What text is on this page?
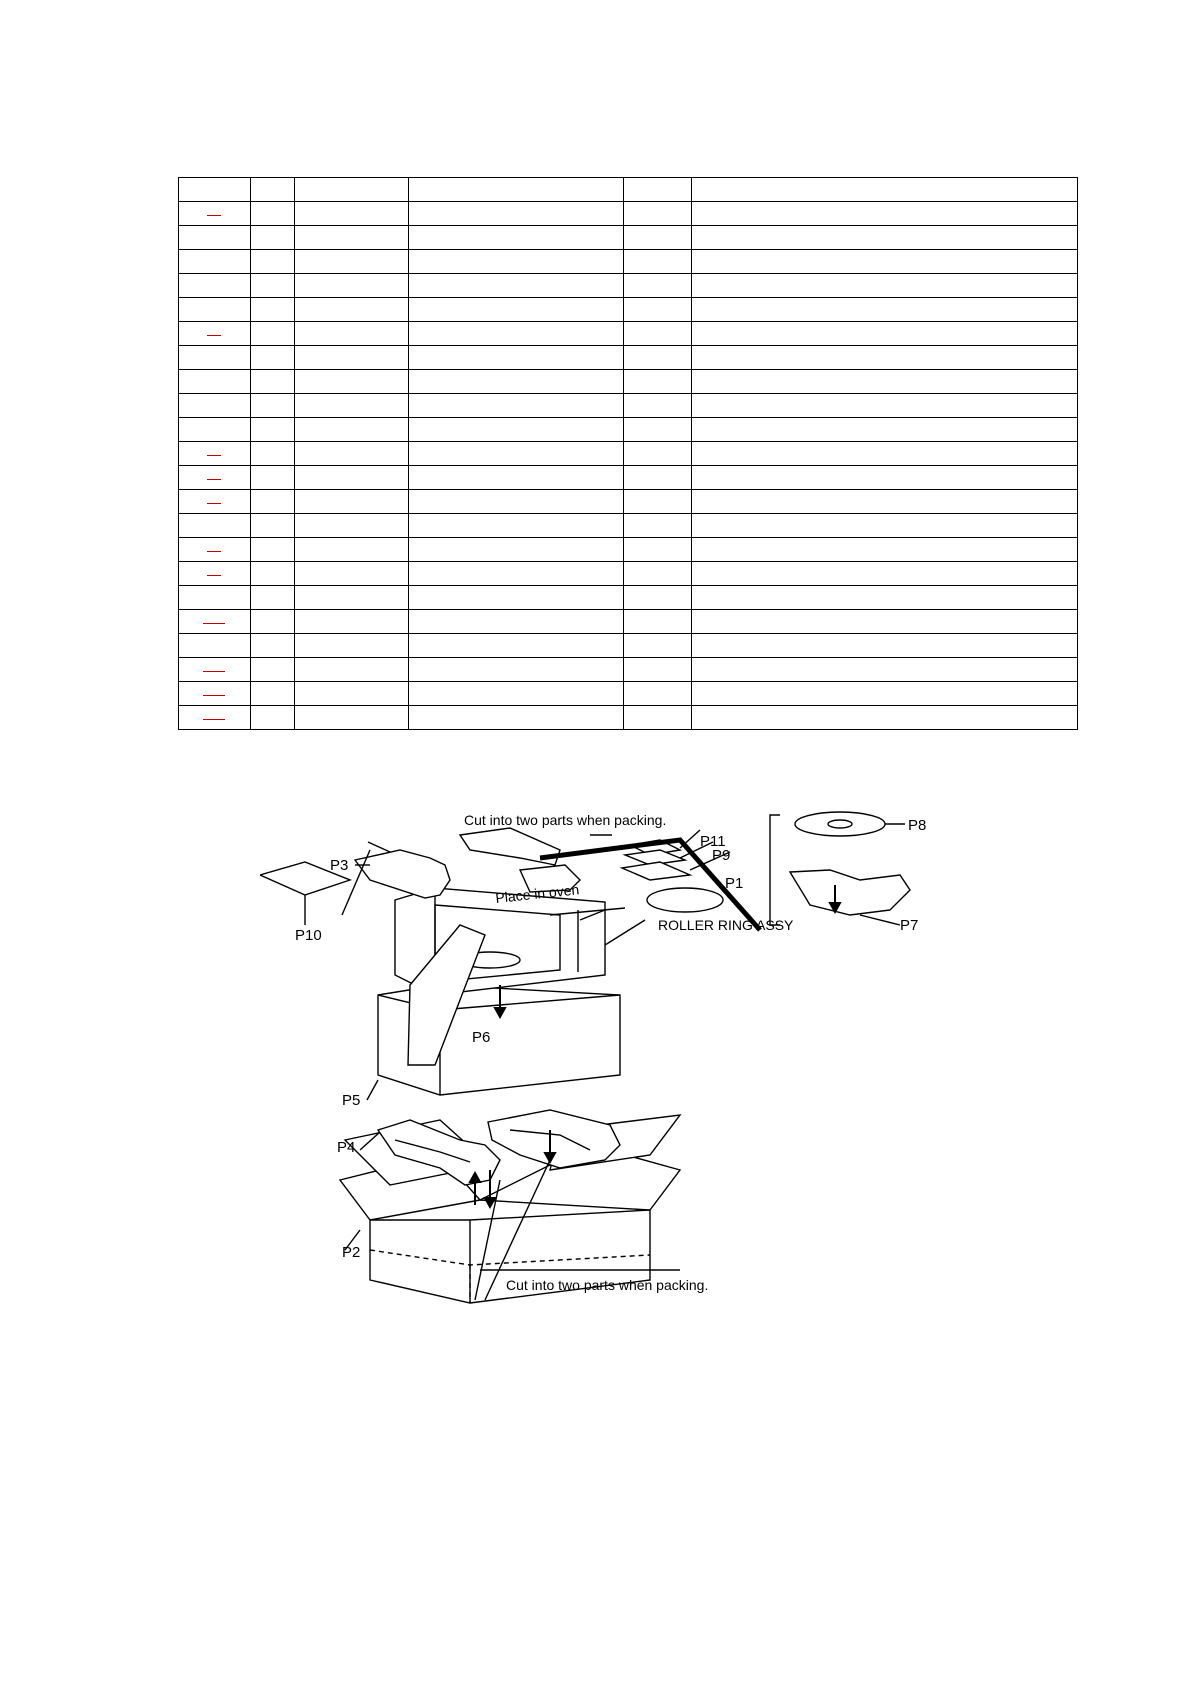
Cut into two parts when packing.
Place in oven
ROLLER RING ASSY
Cut into two parts when packing.
P1
P2
P3
P4
P5
P6
P7
P8
P9
P10
P11
